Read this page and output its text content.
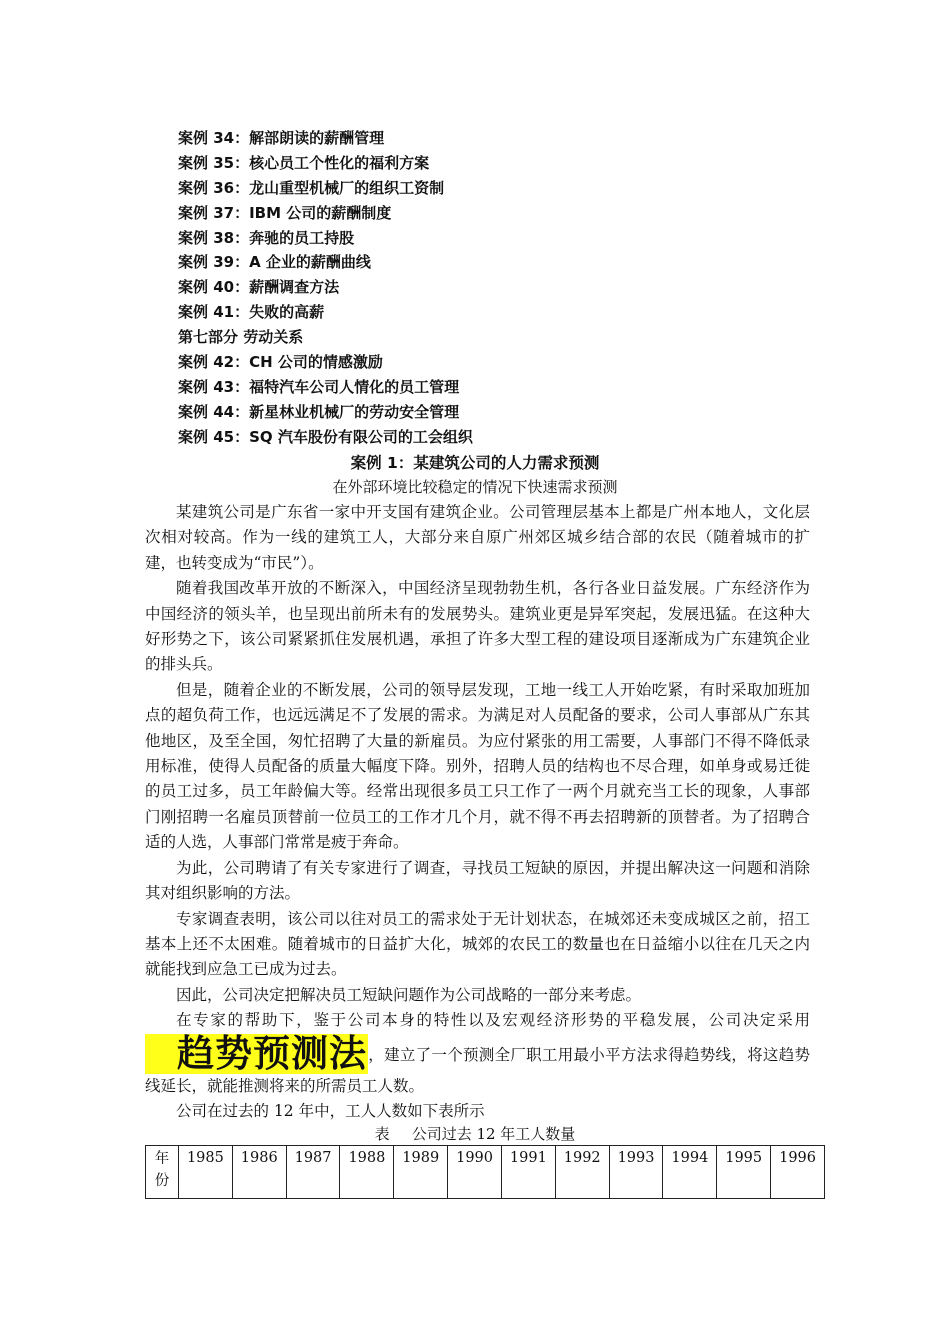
案例 34：解部朗读的薪酬管理
案例 35：核心员工个性化的福利方案
案例 36：龙山重型机械厂的组织工资制
案例 37：IBM 公司的薪酬制度
案例 38：奔驰的员工持股
案例 39：A 企业的薪酬曲线
案例 40：薪酬调查方法
案例 41：失败的高薪
第七部分 劳动关系
案例 42：CH 公司的情感激励
案例 43：福特汽车公司人情化的员工管理
案例 44：新星林业机械厂的劳动安全管理
案例 45：SQ 汽车股份有限公司的工会组织
案例 1：某建筑公司的人力需求预测
在外部环境比较稳定的情况下快速需求预测

某建筑公司是广东省一家中开支国有建筑企业。公司管理层基本上都是广州本地人，文化层次相对较高。作为一线的建筑工人，大部分来自原广州郊区城乡结合部的农民（随着城市的扩建，也转变成为“市民”）。

随着我国改革开放的不断深入，中国经济呈现勃勃生机，各行各业日益发展。广东经济作为中国经济的领头羊，也呈现出前所未有的发展势头。建筑业更是异军突起，发展迅猛。在这种大好形势之下，该公司紧紧抓住发展机遇，承担了许多大型工程的建设项目逐渐成为广东建筑企业的排头兵。

但是，随着企业的不断发展，公司的领导层发现，工地一线工人开始吃紧，有时采取加班加点的超负荷工作，也远远满足不了发展的需求。为满足对人员配备的要求，公司人事部从广东其他地区，及至全国，匆忙招聘了大量的新雇员。为应付紧张的用工需要，人事部门不得不降低录用标准，使得人员配备的质量大幅度下降。别外，招聘人员的结构也不尽合理，如单身或易迁徙的员工过多，员工年龄偏大等。经常出现很多员工只工作了一两个月就充当工长的现象，人事部门刚招聘一名雇员顶替前一位员工的工作才几个月，就不得不再去招聘新的顶替者。为了招聘合适的人选，人事部门常常是疲于奔命。

为此，公司聘请了有关专家进行了调查，寻找员工短缺的原因，并提出解决这一问题和消除其对组织影响的方法。

专家调查表明，该公司以往对员工的需求处于无计划状态，在城郊还未变成城区之前，招工基本上还不太困难。随着城市的日益扩大化，城郊的农民工的数量也在日益缩小以往在几天之内就能找到应急工已成为过去。

因此，公司决定把解决员工短缺问题作为公司战略的一部分来考虑。

在专家的帮助下，鉴于公司本身的特性以及宏观经济形势的平稳发展，公司决定采用趋势预测法，建立了一个预测全厂职工用最小平方法求得趋势线，将这趋势线延长，就能推测将来的所需员工人数。

公司在过去的 12 年中，工人人数如下表所示

表 公司过去 12 年工人数量
年份	1985	1986	1987	1988	1989	1990	1991	1992	1993	1994	1995	1996
